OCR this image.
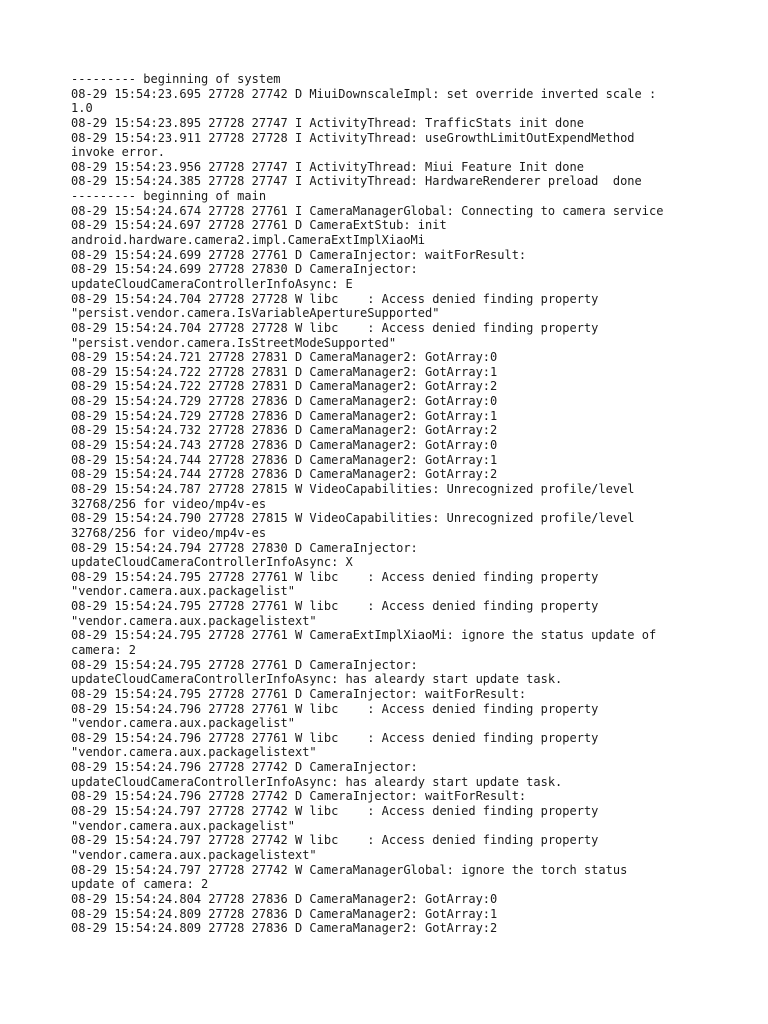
--------- beginning of system
08-29 15:54:23.695 27728 27742 D MiuiDownscaleImpl: set override inverted scale :
1.0
08-29 15:54:23.895 27728 27747 I ActivityThread: TrafficStats init done
08-29 15:54:23.911 27728 27728 I ActivityThread: useGrowthLimitOutExpendMethod
invoke error.
08-29 15:54:23.956 27728 27747 I ActivityThread: Miui Feature Init done
08-29 15:54:24.385 27728 27747 I ActivityThread: HardwareRenderer preload  done
--------- beginning of main
08-29 15:54:24.674 27728 27761 I CameraManagerGlobal: Connecting to camera service
08-29 15:54:24.697 27728 27761 D CameraExtStub: init
android.hardware.camera2.impl.CameraExtImplXiaoMi
08-29 15:54:24.699 27728 27761 D CameraInjector: waitForResult:
08-29 15:54:24.699 27728 27830 D CameraInjector:
updateCloudCameraControllerInfoAsync: E
08-29 15:54:24.704 27728 27728 W libc    : Access denied finding property
"persist.vendor.camera.IsVariableApertureSupported"
08-29 15:54:24.704 27728 27728 W libc    : Access denied finding property
"persist.vendor.camera.IsStreetModeSupported"
08-29 15:54:24.721 27728 27831 D CameraManager2: GotArray:0
08-29 15:54:24.722 27728 27831 D CameraManager2: GotArray:1
08-29 15:54:24.722 27728 27831 D CameraManager2: GotArray:2
08-29 15:54:24.729 27728 27836 D CameraManager2: GotArray:0
08-29 15:54:24.729 27728 27836 D CameraManager2: GotArray:1
08-29 15:54:24.732 27728 27836 D CameraManager2: GotArray:2
08-29 15:54:24.743 27728 27836 D CameraManager2: GotArray:0
08-29 15:54:24.744 27728 27836 D CameraManager2: GotArray:1
08-29 15:54:24.744 27728 27836 D CameraManager2: GotArray:2
08-29 15:54:24.787 27728 27815 W VideoCapabilities: Unrecognized profile/level
32768/256 for video/mp4v-es
08-29 15:54:24.790 27728 27815 W VideoCapabilities: Unrecognized profile/level
32768/256 for video/mp4v-es
08-29 15:54:24.794 27728 27830 D CameraInjector:
updateCloudCameraControllerInfoAsync: X
08-29 15:54:24.795 27728 27761 W libc    : Access denied finding property
"vendor.camera.aux.packagelist"
08-29 15:54:24.795 27728 27761 W libc    : Access denied finding property
"vendor.camera.aux.packagelistext"
08-29 15:54:24.795 27728 27761 W CameraExtImplXiaoMi: ignore the status update of
camera: 2
08-29 15:54:24.795 27728 27761 D CameraInjector:
updateCloudCameraControllerInfoAsync: has aleardy start update task.
08-29 15:54:24.795 27728 27761 D CameraInjector: waitForResult:
08-29 15:54:24.796 27728 27761 W libc    : Access denied finding property
"vendor.camera.aux.packagelist"
08-29 15:54:24.796 27728 27761 W libc    : Access denied finding property
"vendor.camera.aux.packagelistext"
08-29 15:54:24.796 27728 27742 D CameraInjector:
updateCloudCameraControllerInfoAsync: has aleardy start update task.
08-29 15:54:24.796 27728 27742 D CameraInjector: waitForResult:
08-29 15:54:24.797 27728 27742 W libc    : Access denied finding property
"vendor.camera.aux.packagelist"
08-29 15:54:24.797 27728 27742 W libc    : Access denied finding property
"vendor.camera.aux.packagelistext"
08-29 15:54:24.797 27728 27742 W CameraManagerGlobal: ignore the torch status
update of camera: 2
08-29 15:54:24.804 27728 27836 D CameraManager2: GotArray:0
08-29 15:54:24.809 27728 27836 D CameraManager2: GotArray:1
08-29 15:54:24.809 27728 27836 D CameraManager2: GotArray:2
